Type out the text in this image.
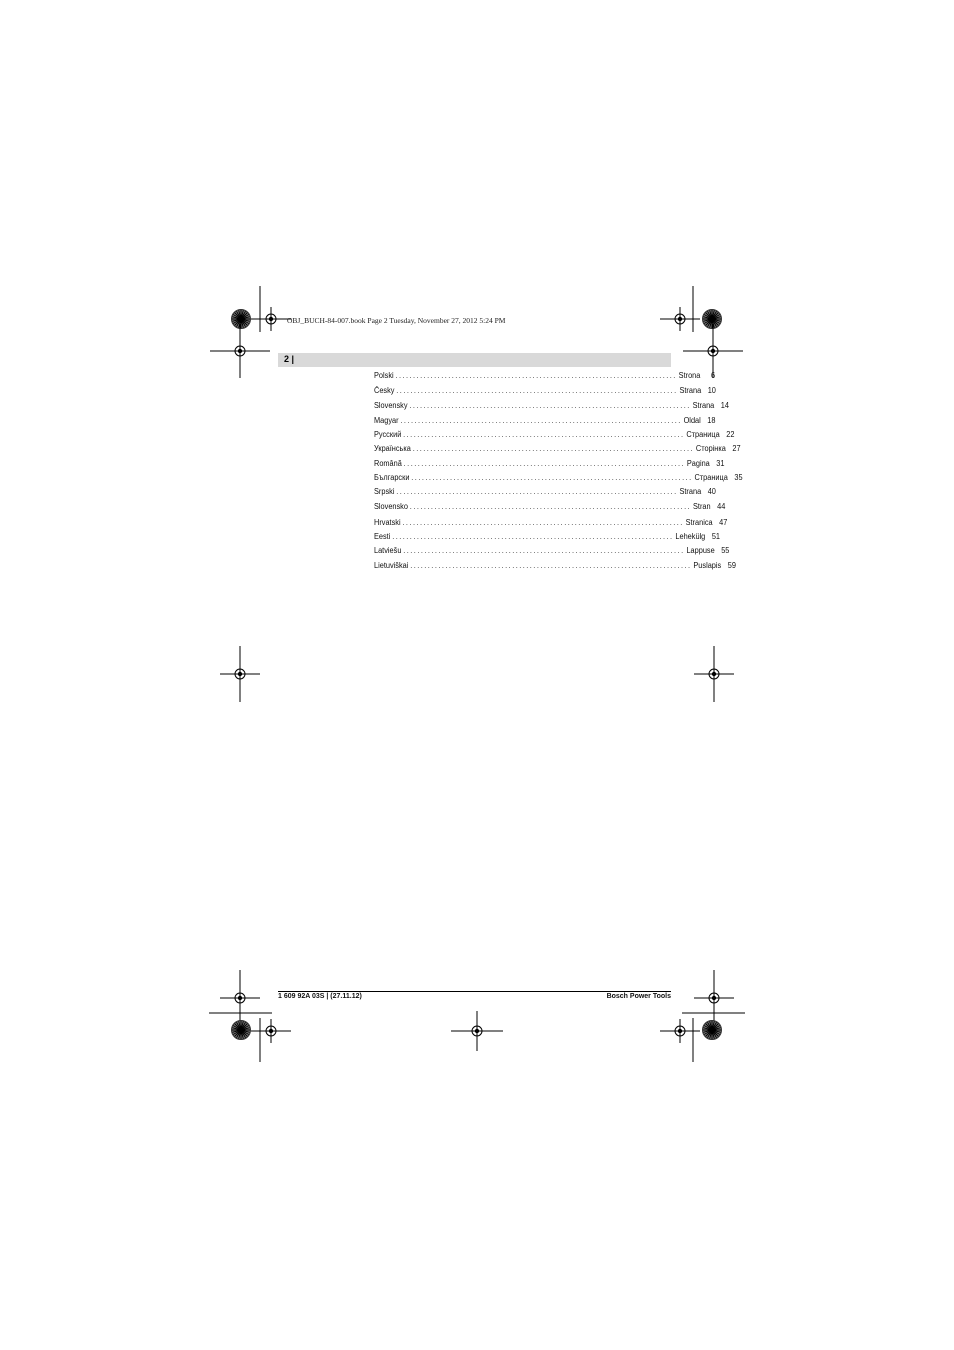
OBJ_BUCH-84-007.book Page 2 Tuesday, November 27, 2012 5:24 PM
2 |
Polski ................................................................................ Strona	6
Česky ................................................................................ Strana 10
Slovensky ................................................................................ Strana 14
Magyar ................................................................................ Oldal 18
Русский ................................................................................ Страница 22
Українська ................................................................................ Сторінка 27
Română ................................................................................ Pagina 31
Български ................................................................................ Страница 35
Srpski ................................................................................ Strana 40
Slovensko ................................................................................ Stran 44
Hrvatski ................................................................................ Stranica 47
Eesti ................................................................................ Lehekülg 51
Latviešu ................................................................................ Lappuse 55
Lietuviškai ................................................................................ Puslapis 59
1 609 92A 03S | (27.11.12)	Bosch Power Tools
